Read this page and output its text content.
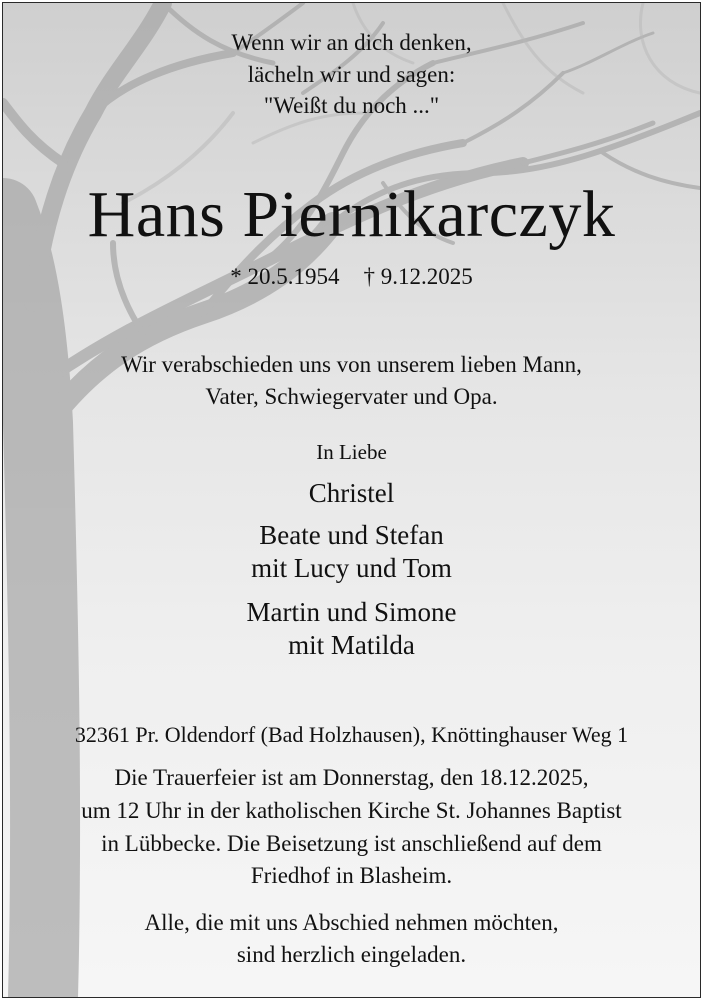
Wenn wir an dich denken,
lächeln wir und sagen:
"Weißt du noch ..."
Hans Piernikarczyk
* 20.5.1954 † 9.12.2025
Wir verabschieden uns von unserem lieben Mann,
Vater, Schwiegervater und Opa.
In Liebe
Christel
Beate und Stefan
mit Lucy und Tom
Martin und Simone
mit Matilda
32361 Pr. Oldendorf (Bad Holzhausen), Knöttinghauser Weg 1
Die Trauerfeier ist am Donnerstag, den 18.12.2025,
um 12 Uhr in der katholischen Kirche St. Johannes Baptist
in Lübbecke. Die Beisetzung ist anschließend auf dem
Friedhof in Blasheim.
Alle, die mit uns Abschied nehmen möchten,
sind herzlich eingeladen.
